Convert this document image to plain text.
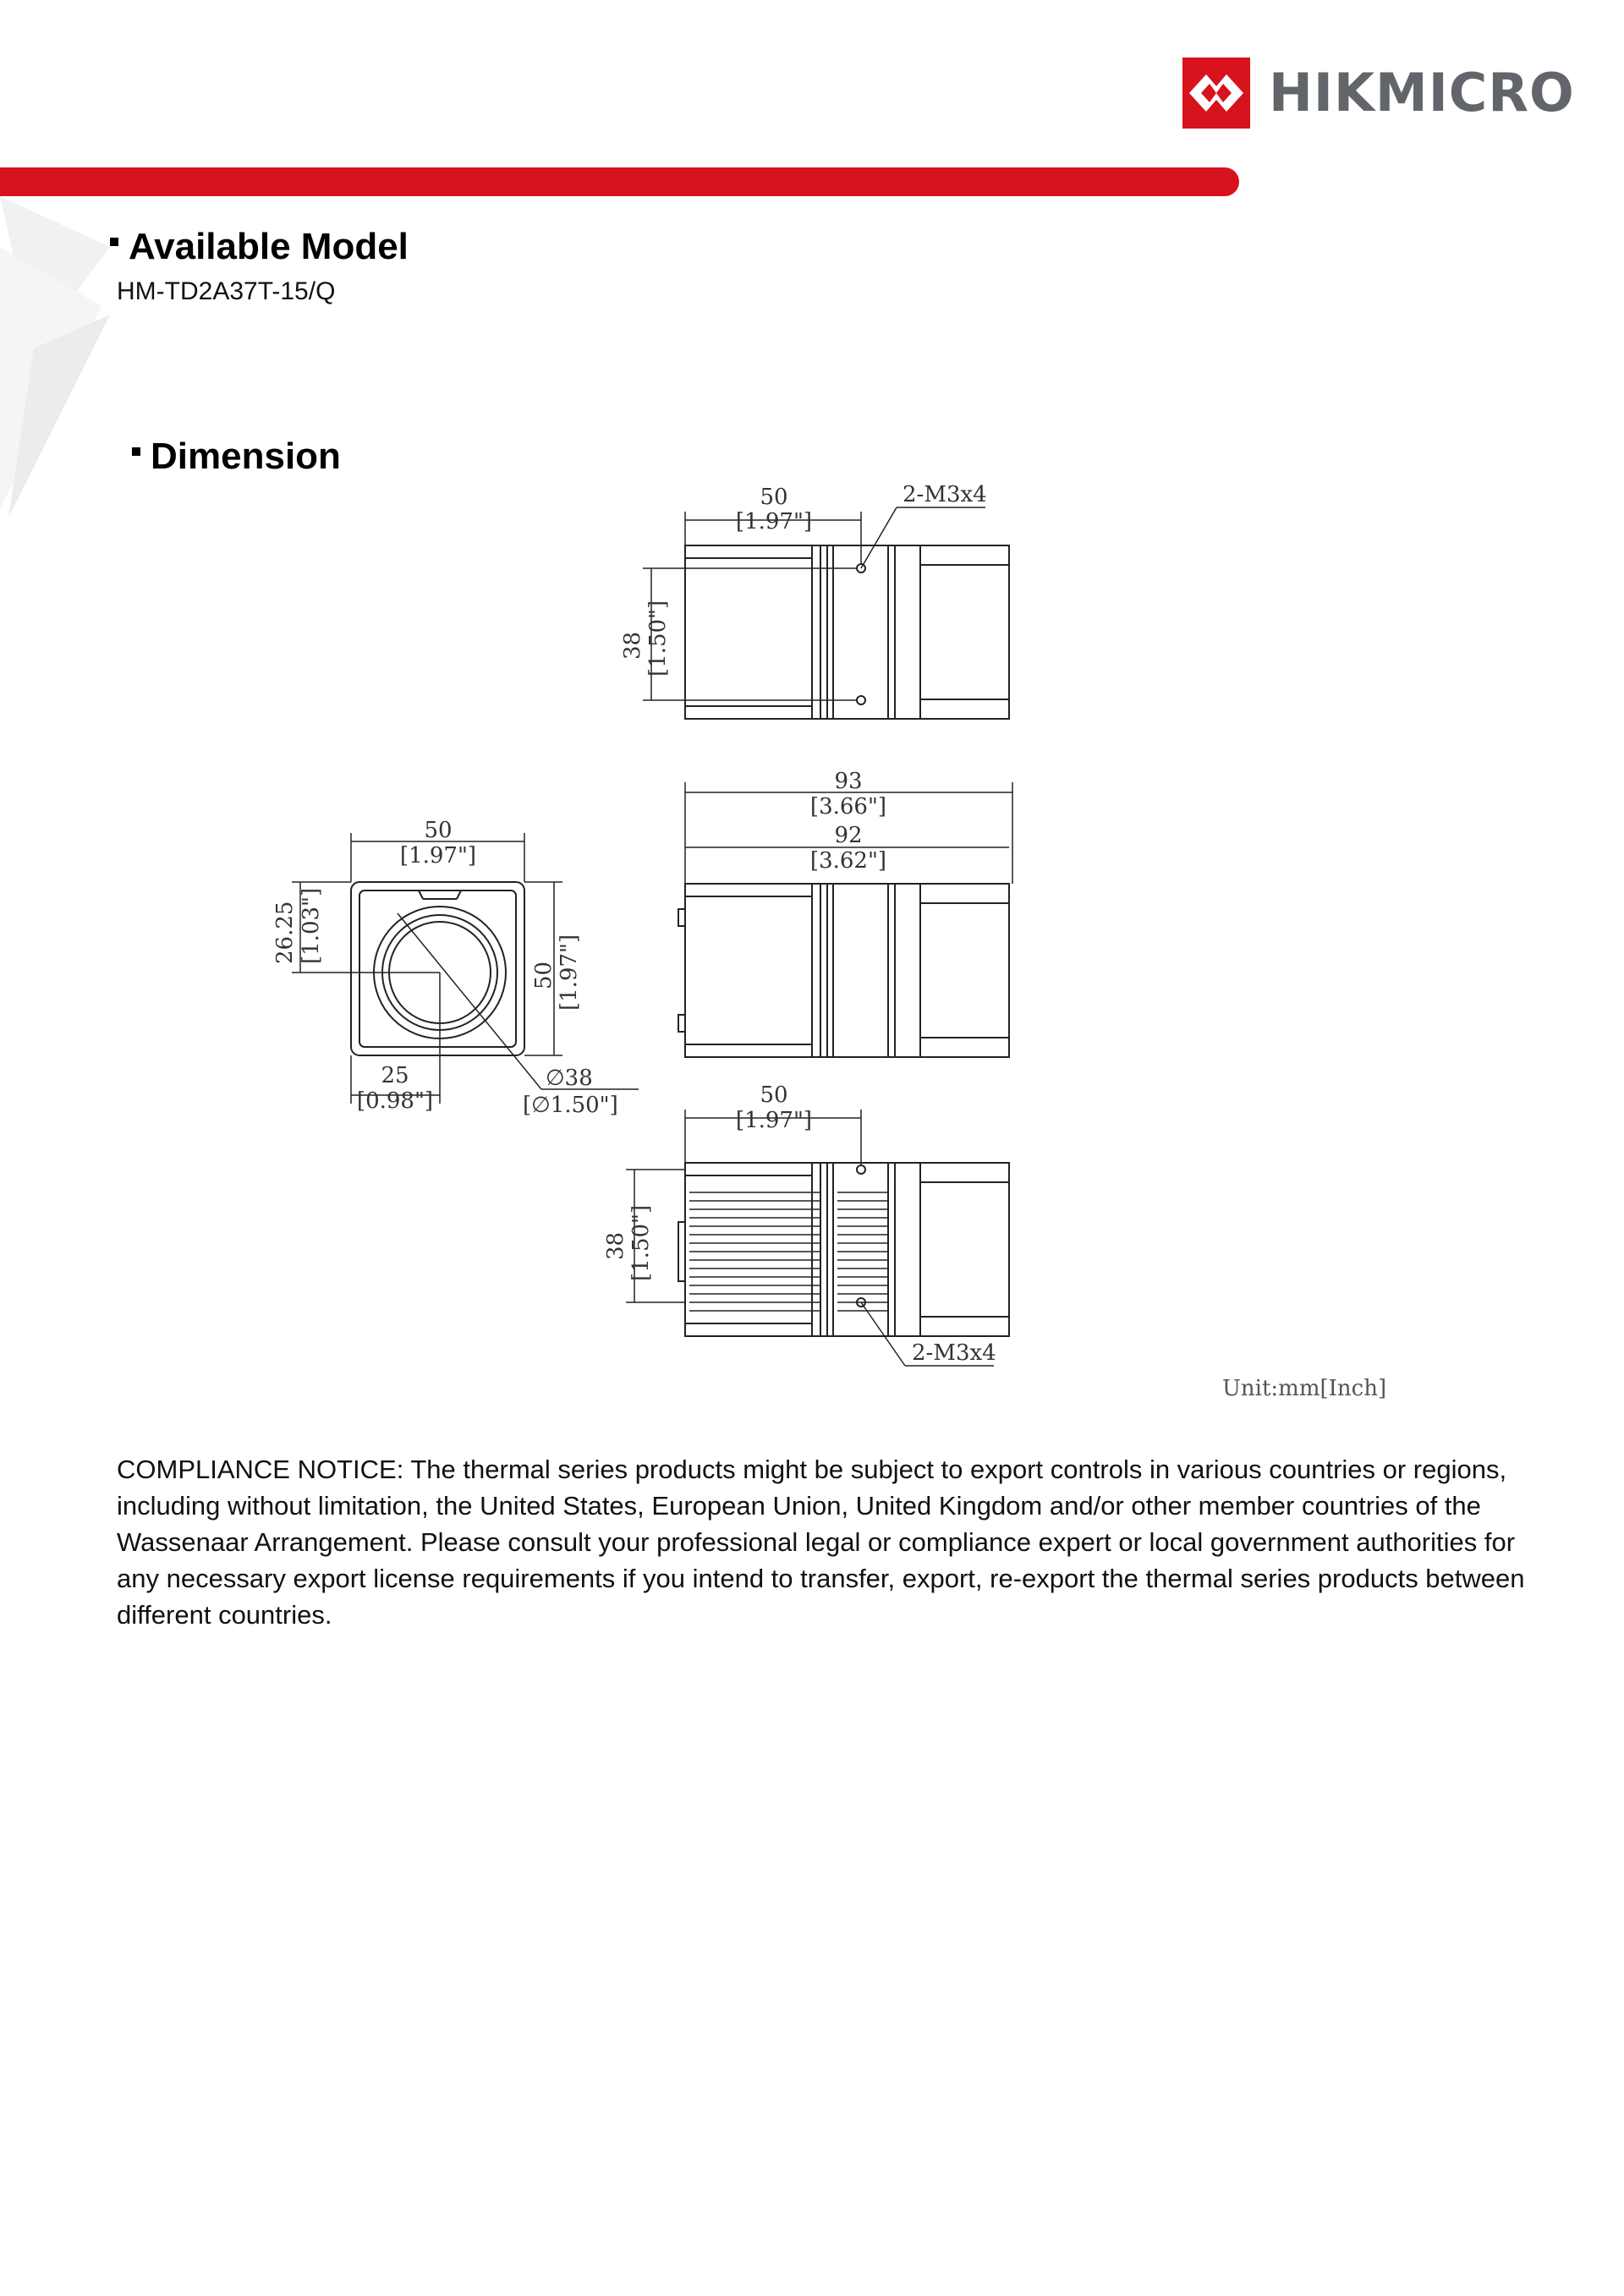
HIKMICRO
Available Model
HM-TD2A37T-15/Q
Dimension
50
[1.97"]
2-M3x4
38 [1.50"]
93
[3.66"]
92
[3.62"]
50
[1.97"]
50 [1.97"]
26.25 [1.03"]
25
[0.98"]
∅38
[∅1.50"]	50
[1.97"]
38 [1.50"]
2-M3x4
Unit:mm[Inch]

COMPLIANCE NOTICE: The thermal series products might be subject to export controls in various countries or regions, including without limitation, the United States, European Union, United Kingdom and/or other member countries of the Wassenaar Arrangement. Please consult your professional legal or compliance expert or local government authorities for any necessary export license requirements if you intend to transfer, export, re-export the thermal series products between different countries.
